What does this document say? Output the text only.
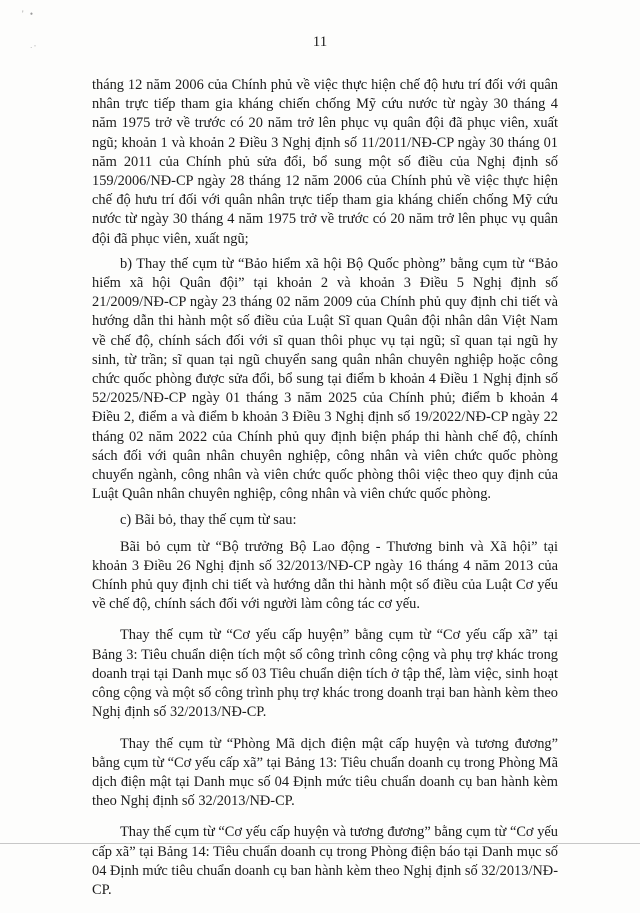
' •
·'	11

tháng 12 năm 2006 của Chính phủ về việc thực hiện chế độ hưu trí đối với quân nhân trực tiếp tham gia kháng chiến chống Mỹ cứu nước từ ngày 30 tháng 4 năm 1975 trở về trước có 20 năm trở lên phục vụ quân đội đã phục viên, xuất ngũ; khoản 1 và khoản 2 Điều 3 Nghị định số 11/2011/NĐ-CP ngày 30 tháng 01 năm 2011 của Chính phủ sửa đổi, bổ sung một số điều của Nghị định số 159/2006/NĐ-CP ngày 28 tháng 12 năm 2006 của Chính phủ về việc thực hiện chế độ hưu trí đối với quân nhân trực tiếp tham gia kháng chiến chống Mỹ cứu nước từ ngày 30 tháng 4 năm 1975 trở về trước có 20 năm trở lên phục vụ quân đội đã phục viên, xuất ngũ;

b) Thay thế cụm từ “Bảo hiểm xã hội Bộ Quốc phòng” bằng cụm từ “Bảo hiểm xã hội Quân đội” tại khoản 2 và khoản 3 Điều 5 Nghị định số 21/2009/NĐ-CP ngày 23 tháng 02 năm 2009 của Chính phủ quy định chi tiết và hướng dẫn thi hành một số điều của Luật Sĩ quan Quân đội nhân dân Việt Nam về chế độ, chính sách đối với sĩ quan thôi phục vụ tại ngũ; sĩ quan tại ngũ hy sinh, từ trần; sĩ quan tại ngũ chuyển sang quân nhân chuyên nghiệp hoặc công chức quốc phòng được sửa đổi, bổ sung tại điểm b khoản 4 Điều 1 Nghị định số 52/2025/NĐ-CP ngày 01 tháng 3 năm 2025 của Chính phủ; điểm b khoản 4 Điều 2, điểm a và điểm b khoản 3 Điều 3 Nghị định số 19/2022/NĐ-CP ngày 22 tháng 02 năm 2022 của Chính phủ quy định biện pháp thi hành chế độ, chính sách đối với quân nhân chuyên nghiệp, công nhân và viên chức quốc phòng chuyển ngành, công nhân và viên chức quốc phòng thôi việc theo quy định của Luật Quân nhân chuyên nghiệp, công nhân và viên chức quốc phòng.

c) Bãi bỏ, thay thế cụm từ sau:

Bãi bỏ cụm từ “Bộ trưởng Bộ Lao động - Thương binh và Xã hội” tại khoản 3 Điều 26 Nghị định số 32/2013/NĐ-CP ngày 16 tháng 4 năm 2013 của Chính phủ quy định chi tiết và hướng dẫn thi hành một số điều của Luật Cơ yếu về chế độ, chính sách đối với người làm công tác cơ yếu.

Thay thế cụm từ “Cơ yếu cấp huyện” bằng cụm từ “Cơ yếu cấp xã” tại Bảng 3: Tiêu chuẩn diện tích một số công trình công cộng và phụ trợ khác trong doanh trại tại Danh mục số 03 Tiêu chuẩn diện tích ở tập thể, làm việc, sinh hoạt công cộng và một số công trình phụ trợ khác trong doanh trại ban hành kèm theo Nghị định số 32/2013/NĐ-CP.

Thay thế cụm từ “Phòng Mã dịch điện mật cấp huyện và tương đương” bằng cụm từ “Cơ yếu cấp xã” tại Bảng 13: Tiêu chuẩn doanh cụ trong Phòng Mã dịch điện mật tại Danh mục số 04 Định mức tiêu chuẩn doanh cụ ban hành kèm theo Nghị định số 32/2013/NĐ-CP.

Thay thế cụm từ “Cơ yếu cấp huyện và tương đương” bằng cụm từ “Cơ yếu cấp xã” tại Bảng 14: Tiêu chuẩn doanh cụ trong Phòng điện báo tại Danh mục số 04 Định mức tiêu chuẩn doanh cụ ban hành kèm theo Nghị định số 32/2013/NĐ-CP.
